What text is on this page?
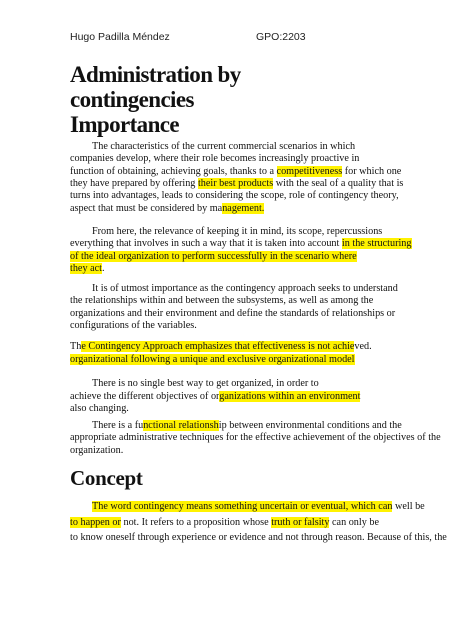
Hugo Padilla Méndez	GPO:2203
Administration by
contingencies
Importance
The characteristics of the current commercial scenarios in which
companies develop, where their role becomes increasingly proactive in
function of obtaining, achieving goals, thanks to a competitiveness for which one
they have prepared by offering their best products with the seal of a quality that is
turns into advantages, leads to considering the scope, role of contingency theory,
aspect that must be considered by management.
From here, the relevance of keeping it in mind, its scope, repercussions
everything that involves in such a way that it is taken into account in the structuring
of the ideal organization to perform successfully in the scenario where
they act.
It is of utmost importance as the contingency approach seeks to understand
the relationships within and between the subsystems, as well as among the
organizations and their environment and define the standards of relationships or
configurations of the variables.
The Contingency Approach emphasizes that effectiveness is not achieved.
organizational following a unique and exclusive organizational model
There is no single best way to get organized, in order to
achieve the different objectives of organizations within an environment
also changing.
There is a functional relationship between environmental conditions and the
appropriate administrative techniques for the effective achievement of the objectives of the
organization.
The word contingency means something uncertain or eventual, which can well be
to happen or not. It refers to a proposition whose truth or falsity can only be
to know oneself through experience or evidence and not through reason. Because of this, the
Concept
